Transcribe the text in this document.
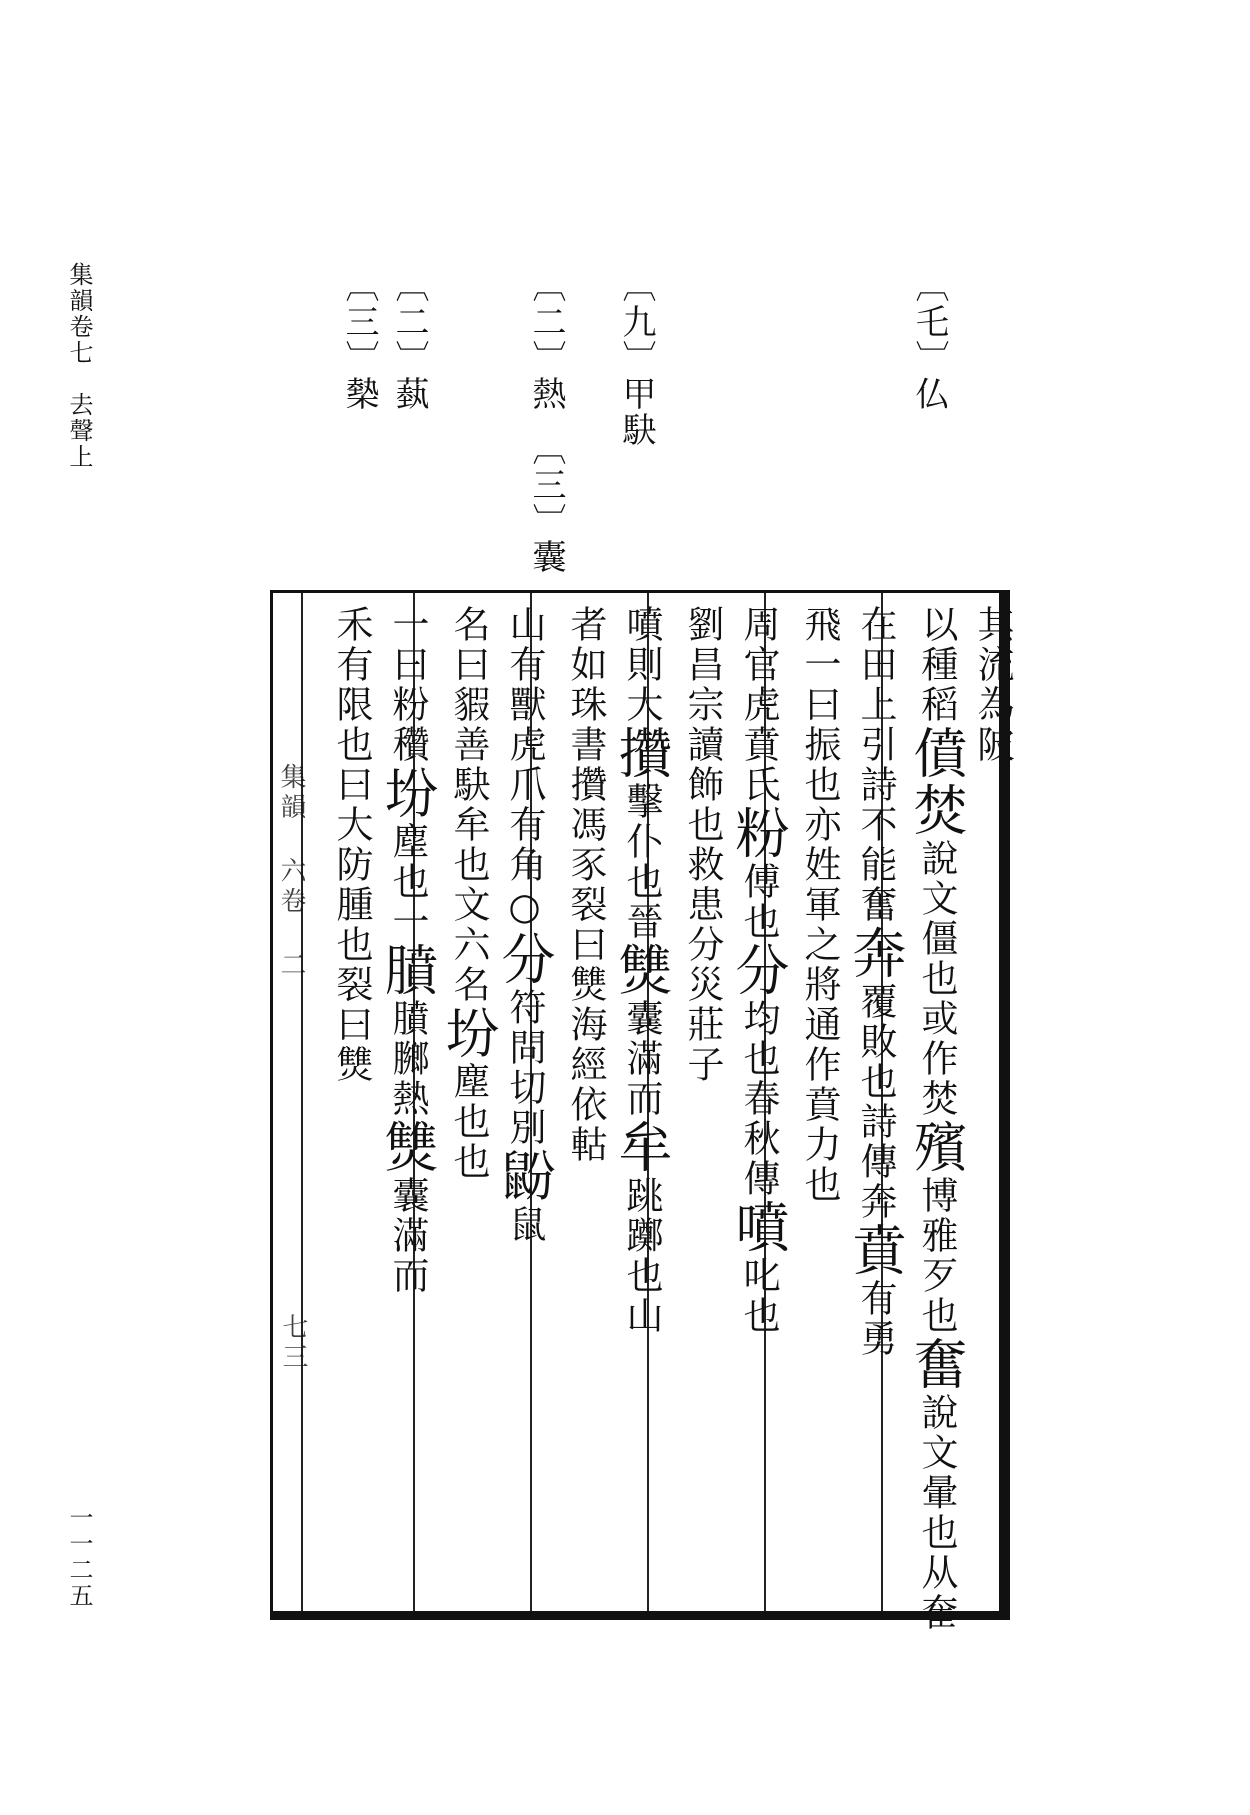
集韻卷七　去聲上	〔乇〕仏
〔九〕甲駃
〔二〕熱　〔三〕囊
〔二〕蓺
〔三〕槷
集韻 六卷 二
七三
其流為陂
以種稻僨焚說文僵也或作焚殯博雅歹也奮說文暈也从奞
在田上引詩不能奮奔覆敗也詩傳奔賁有勇
飛一曰振也亦姓軍之將通作賁力也
周官虎賁氏粉傅也分均也春秋傳噴叱也
劉昌宗讀飾也救患分災莊子
噴則大攢擊仆也晉㸈囊滿而牟跳躑也山
者如珠書攢馮豕裂曰㸈海經依軲
山有獸虎爪有角○分符問切別鼢鼠
名曰貑善駃牟也文六名坋塵也也
一曰粉穳坋塵也一膹膹膷熱㸈囊滿而
禾有限也曰大防腫也裂曰㸈
一一二五
